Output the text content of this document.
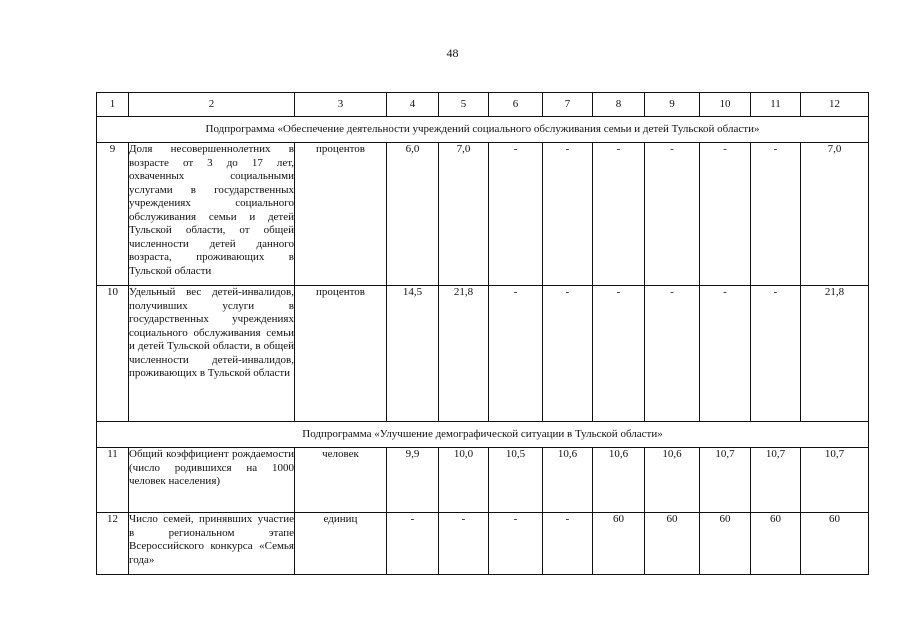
48
1	2	3	4	5	6	7	8	9	10	11	12
Подпрограмма «Обеспечение деятельности учреждений социального обслуживания семьи и детей Тульской области»											
9	Доля несовершеннолетних в возрасте от 3 до 17 лет, охваченных социальными услугами в государственных учреждениях социального обслуживания семьи и детей Тульской области, от общей численности детей данного возраста, проживающих в Тульской области	процентов	6,0	7,0	-	-	-	-	-	-	7,0
10	Удельный вес детей-инвалидов, получивших услуги в государственных учреждениях социального обслуживания семьи и детей Тульской области, в общей численности детей-инвалидов, проживающих в Тульской области	процентов	14,5	21,8	-	-	-	-	-	-	21,8
Подпрограмма «Улучшение демографической ситуации в Тульской области»											
11	Общий коэффициент рождаемости (число родившихся на 1000 человек населения)	человек	9,9	10,0	10,5	10,6	10,6	10,6	10,7	10,7	10,7
12	Число семей, принявших участие в региональном этапе Всероссийского конкурса «Семья года»	единиц	-	-	-	-	60	60	60	60	60
